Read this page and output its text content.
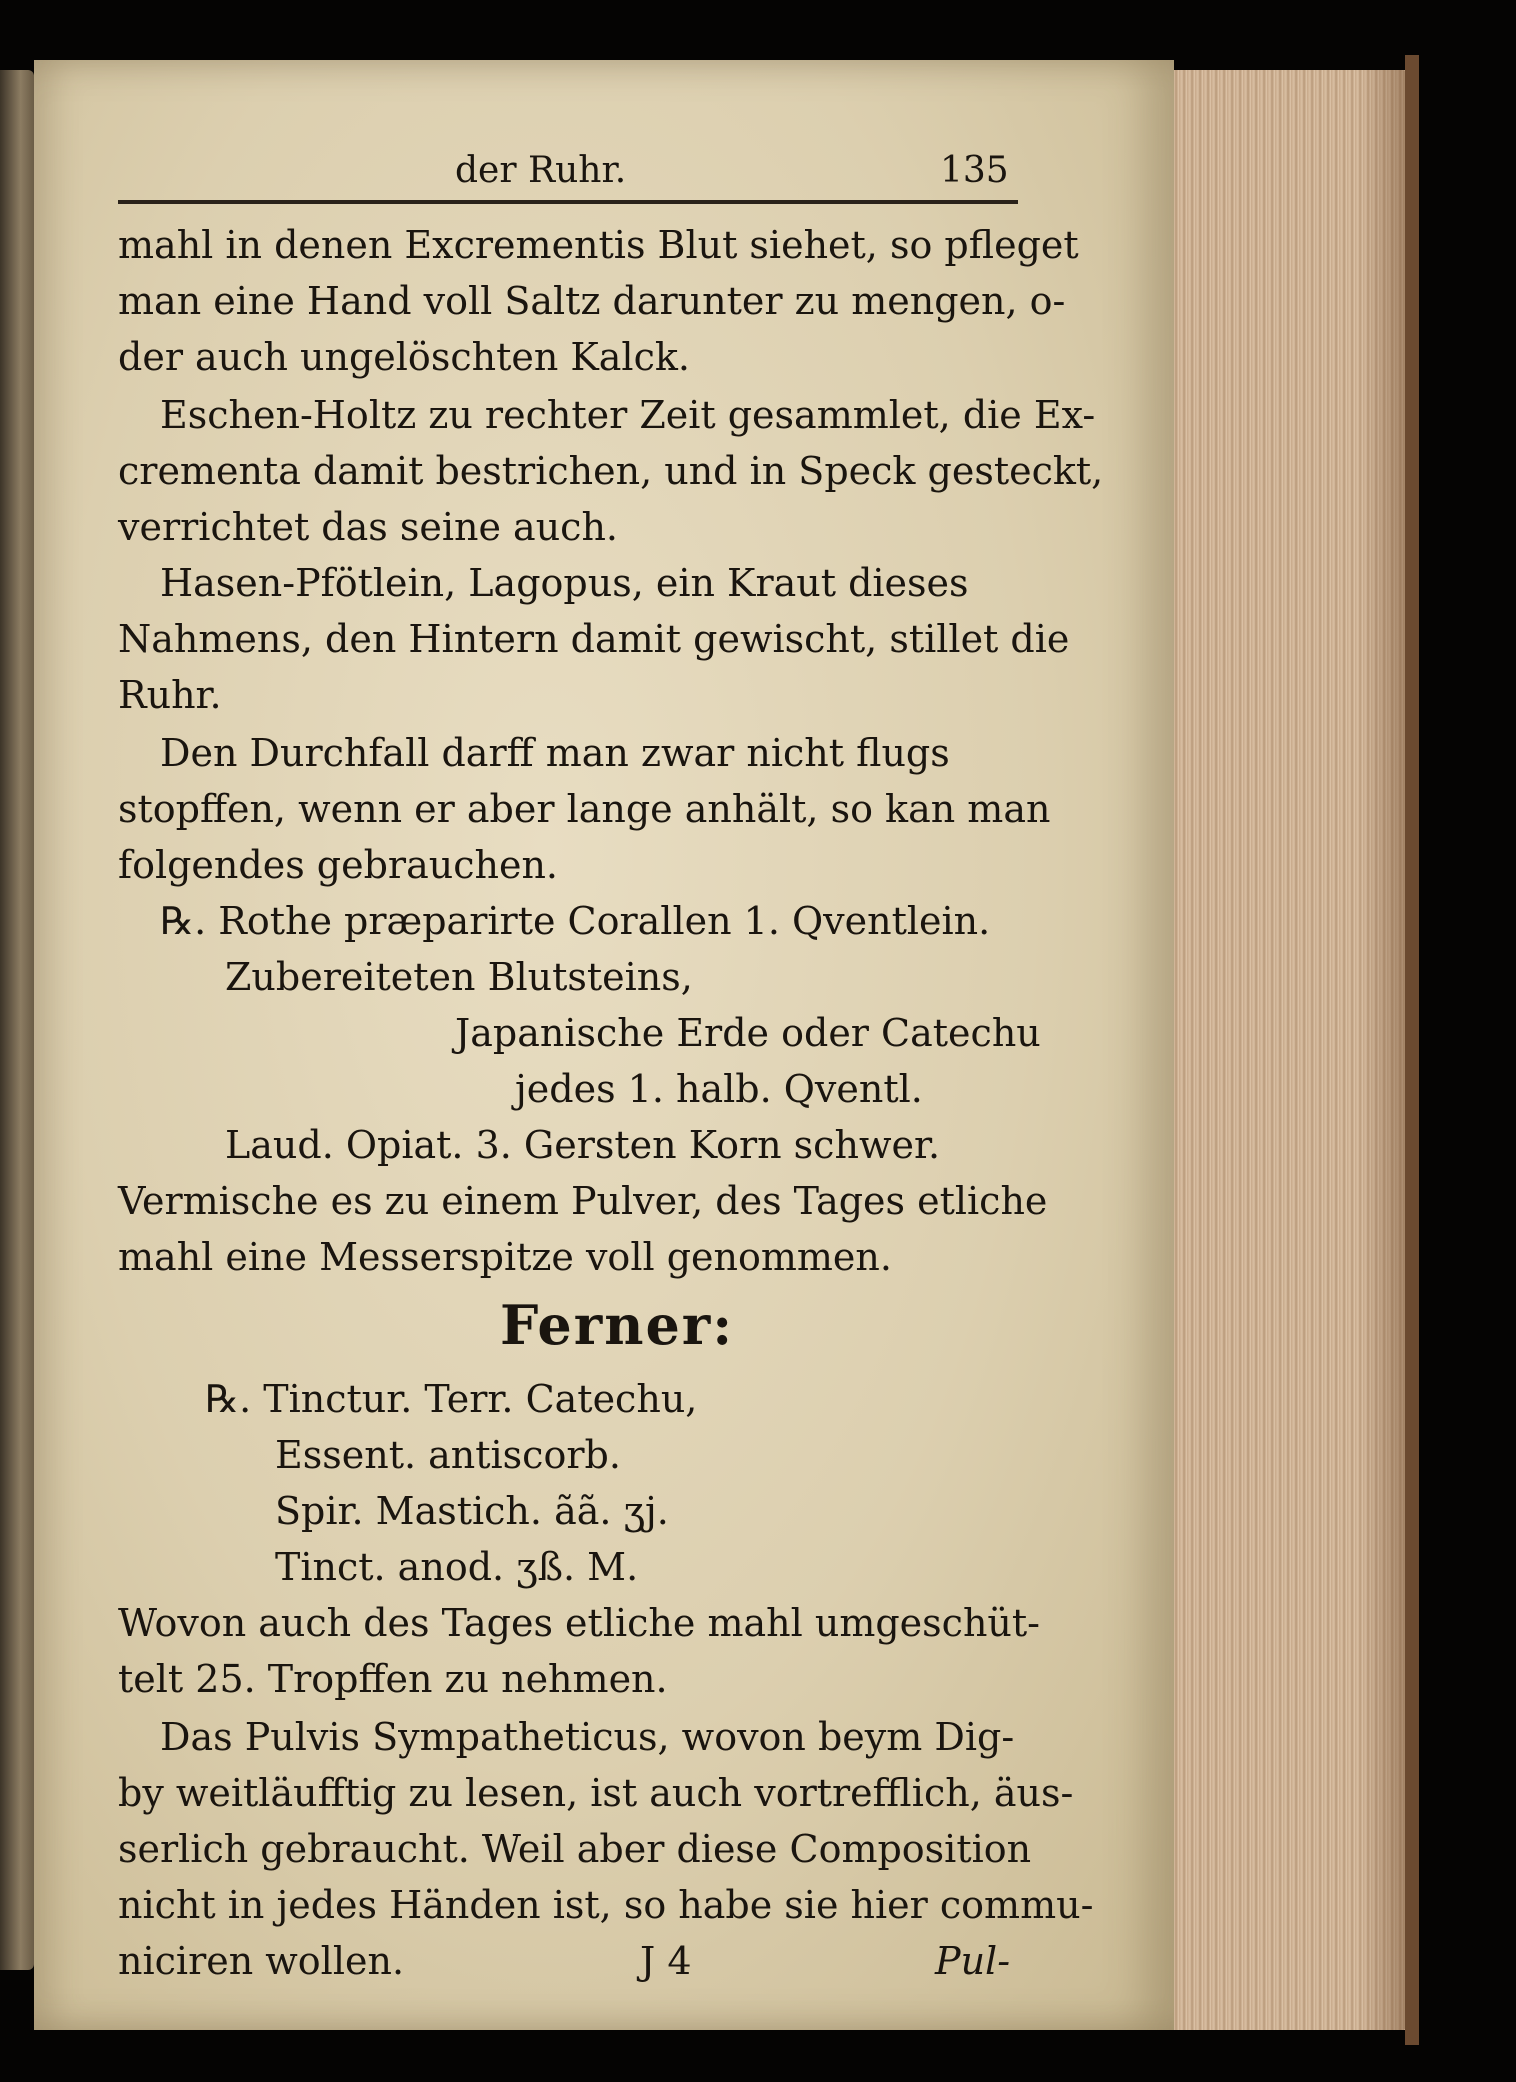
der Ruhr.	135
mahl in denen Excrementis Blut siehet, so pfleget
man eine Hand voll Saltz darunter zu mengen, o-
der auch ungelöschten Kalck.
Eschen-Holtz zu rechter Zeit gesammlet, die Ex-
crementa damit bestrichen, und in Speck gesteckt,
verrichtet das seine auch.
Hasen-Pfötlein, Lagopus, ein Kraut dieses
Nahmens, den Hintern damit gewischt, stillet die
Ruhr.
Den Durchfall darff man zwar nicht flugs
stopffen, wenn er aber lange anhält, so kan man
folgendes gebrauchen.
℞. Rothe præparirte Corallen 1. Qventlein.
Zubereiteten Blutsteins,
Japanische Erde oder Catechu
jedes 1. halb. Qventl.
Laud. Opiat. 3. Gersten Korn schwer.
Vermische es zu einem Pulver, des Tages etliche
mahl eine Messerspitze voll genommen.
Ferner:
℞. Tinctur. Terr. Catechu,
Essent. antiscorb.
Spir. Mastich. ãã. ʒj.
Tinct. anod. ʒß. M.
Wovon auch des Tages etliche mahl umgeschüt-
telt 25. Tropffen zu nehmen.
Das Pulvis Sympatheticus, wovon beym Dig-
by weitläufftig zu lesen, ist auch vortrefflich, äus-
serlich gebraucht. Weil aber diese Composition
nicht in jedes Händen ist, so habe sie hier commu-
niciren wollen.	J 4	Pul-
